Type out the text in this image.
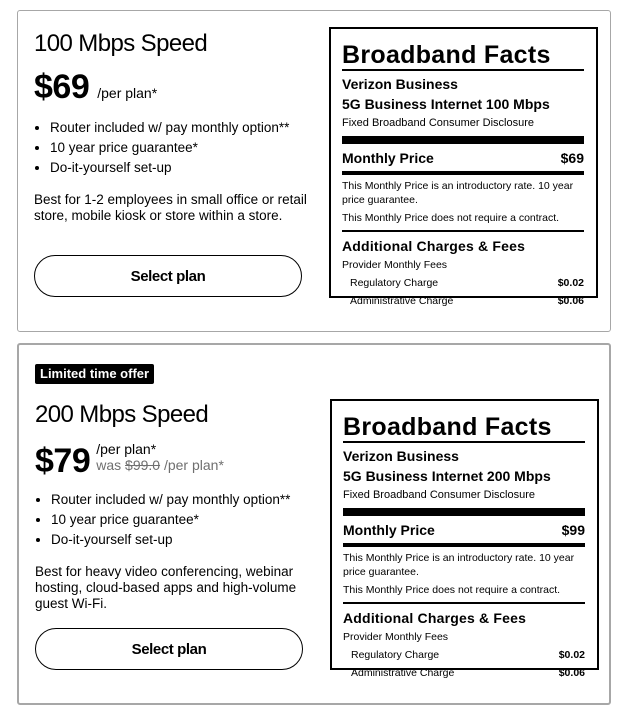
100 Mbps Speed
$69 /per plan*
• Router included w/ pay monthly option**
• 10 year price guarantee*
• Do-it-yourself set-up
Best for 1-2 employees in small office or retail store, mobile kiosk or store within a store.
Select plan
Broadband Facts
Verizon Business
5G Business Internet 100 Mbps
Fixed Broadband Consumer Disclosure
Monthly Price	$69
This Monthly Price is an introductory rate. 10 year price guarantee.
This Monthly Price does not require a contract.
Additional Charges & Fees
Provider Monthly Fees
Regulatory Charge	$0.02
Administrative Charge	$0.06
Limited time offer
200 Mbps Speed
$79 /per plan*
was $99.0 /per plan*
• Router included w/ pay monthly option**
• 10 year price guarantee*
• Do-it-yourself set-up
Best for heavy video conferencing, webinar hosting, cloud-based apps and high-volume guest Wi-Fi.
Select plan
Broadband Facts
Verizon Business
5G Business Internet 200 Mbps
Fixed Broadband Consumer Disclosure
Monthly Price	$99
This Monthly Price is an introductory rate. 10 year price guarantee.
This Monthly Price does not require a contract.
Additional Charges & Fees
Provider Monthly Fees
Regulatory Charge	$0.02
Administrative Charge	$0.06
